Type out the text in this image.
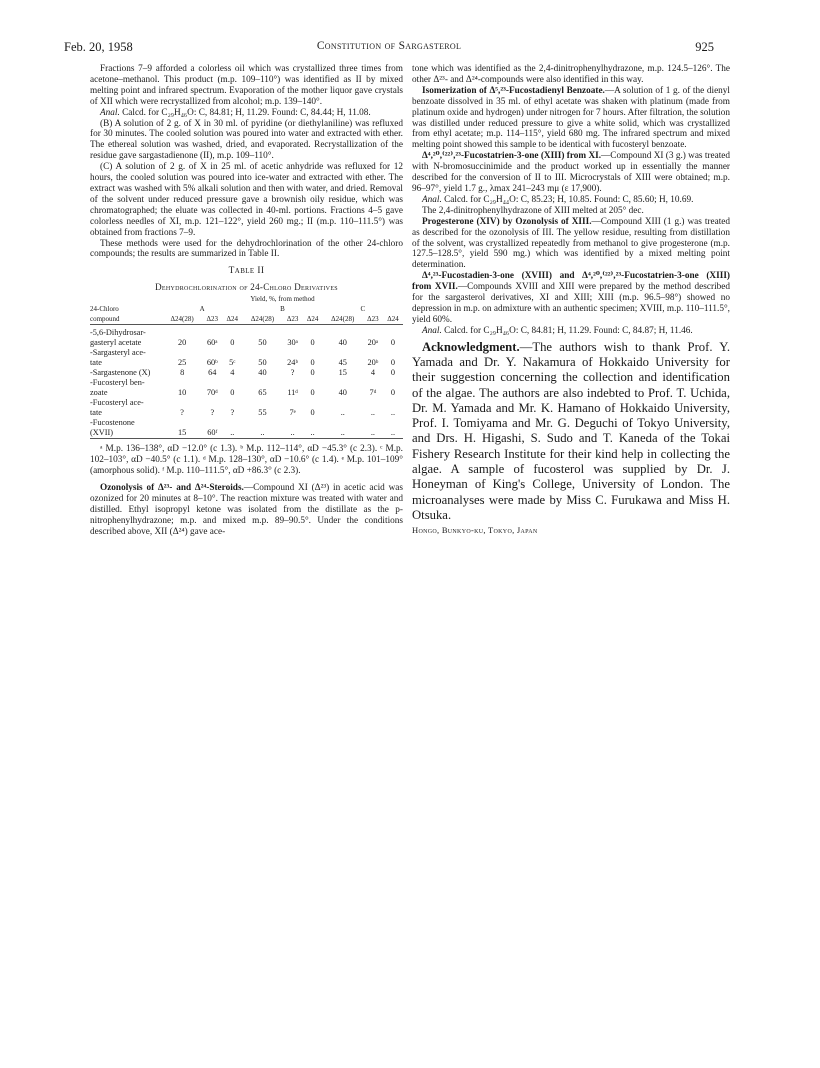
Feb. 20, 1958	Constitution of Sargasterol	925

Fractions 7–9 afforded a colorless oil which was crystallized three times from acetone–methanol. This product (m.p. 109–110°) was identified as II by mixed melting point and infrared spectrum. Evaporation of the mother liquor gave crystals of XII which were recrystallized from alcohol; m.p. 139–140°.

Anal. Calcd. for C₂₉H₄₆O: C, 84.81; H, 11.29. Found: C, 84.44; H, 11.08.

(B) A solution of 2 g. of X in 30 ml. of pyridine (or diethylaniline) was refluxed for 30 minutes. The cooled solution was poured into water and extracted with ether. The ethereal solution was washed, dried, and evaporated. Recrystallization of the residue gave sargastadienone (II), m.p. 109–110°.

(C) A solution of 2 g. of X in 25 ml. of acetic anhydride was refluxed for 12 hours, the cooled solution was poured into ice-water and extracted with ether. The extract was washed with 5% alkali solution and then with water, and dried. Removal of the solvent under reduced pressure gave a brownish oily residue, which was chromatographed; the eluate was collected in 40-ml. portions. Fractions 4–5 gave colorless needles of XI, m.p. 121–122°, yield 260 mg.; II (m.p. 110–111.5°) was obtained from fractions 7–9.

These methods were used for the dehydrochlorination of the other 24-chloro compounds; the results are summarized in Table II.

Table II
Dehydrochlorination of 24-Chloro Derivatives
	Yield, %, from method								
24-Chloro	A			B			C		
compound	Δ24(28)	Δ23	Δ24	Δ24(28)	Δ23	Δ24	Δ24(28)	Δ23	Δ24

-5,6-Dihydrosar-
gasteryl acetate	20	60ᵃ	0	50	30ᵃ	0	40	20ᵃ	0

-Sargasteryl ace-
tate	25	60ᵇ	5ᶜ	50	24ᵇ	0	45	20ᵇ	0

-Sargastenone (X)	8	64	4	40	?	0	15	4	0

-Fucosteryl ben-
zoate	10	70ᵈ	0	65	11ᵈ	0	40	7ᵈ	0

-Fucosteryl ace-
tate	?	?	?	55	7ᵉ	0	..	..	..

-Fucostenone
(XVII)	15	60ᶠ	..	..	..	..	..	..	..

ᵃ M.p. 136–138°, αD −12.0° (c 1.3). ᵇ M.p. 112–114°, αD −45.3° (c 2.3). ᶜ M.p. 102–103°, αD −40.5° (c 1.1). ᵈ M.p. 128–130°, αD −10.6° (c 1.4). ᵉ M.p. 101–109° (amorphous solid). ᶠ M.p. 110–111.5°, αD +86.3° (c 2.3).

Ozonolysis of Δ²³- and Δ²⁴-Steroids.—Compound XI (Δ²³) in acetic acid was ozonized for 20 minutes at 8–10°. The reaction mixture was treated with water and distilled. Ethyl isopropyl ketone was isolated from the distillate as the p-nitrophenylhydrazone; m.p. and mixed m.p. 89–90.5°. Under the conditions described above, XII (Δ²⁴) gave ace-

tone which was identified as the 2,4-dinitrophenylhydrazone, m.p. 124.5–126°. The other Δ²³- and Δ²⁴-compounds were also identified in this way.

Isomerization of Δ⁵,²³-Fucostadienyl Benzoate.—A solution of 1 g. of the dienyl benzoate dissolved in 35 ml. of ethyl acetate was shaken with platinum (made from platinum oxide and hydrogen) under nitrogen for 7 hours. After filtration, the solution was distilled under reduced pressure to give a white solid, which was crystallized from ethyl acetate; m.p. 114–115°, yield 680 mg. The infrared spectrum and mixed melting point showed this sample to be identical with fucosteryl benzoate.

Δ⁴,²⁰,⁽²²⁾,²³-Fucostatrien-3-one (XIII) from XI.—Compound XI (3 g.) was treated with N-bromosuccinimide and the product worked up in essentially the manner described for the conversion of II to III. Microcrystals of XIII were obtained; m.p. 96–97°, yield 1.7 g., λmax 241–243 mμ (ε 17,900).

Anal. Calcd. for C₂₉H₄₄O: C, 85.23; H, 10.85. Found: C, 85.60; H, 10.69.

The 2,4-dinitrophenylhydrazone of XIII melted at 205° dec.

Progesterone (XIV) by Ozonolysis of XIII.—Compound XIII (1 g.) was treated as described for the ozonolysis of III. The yellow residue, resulting from distillation of the solvent, was crystallized repeatedly from methanol to give progesterone (m.p. 127.5–128.5°, yield 590 mg.) which was identified by a mixed melting point determination.

Δ⁴,²³-Fucostadien-3-one (XVIII) and Δ⁴,²⁰,⁽²²⁾,²³-Fucostatrien-3-one (XIII) from XVII.—Compounds XVIII and XIII were prepared by the method described for the sargasterol derivatives, XI and XIII; XIII (m.p. 96.5–98°) showed no depression in m.p. on admixture with an authentic specimen; XVIII, m.p. 110–111.5°, yield 60%.

Anal. Calcd. for C₂₉H₄₆O: C, 84.81; H, 11.29. Found: C, 84.87; H, 11.46.

Acknowledgment.—The authors wish to thank Prof. Y. Yamada and Dr. Y. Nakamura of Hokkaido University for their suggestion concerning the collection and identification of the algae. The authors are also indebted to Prof. T. Uchida, Dr. M. Yamada and Mr. K. Hamano of Hokkaido University, Prof. I. Tomiyama and Mr. G. Deguchi of Tokyo University, and Drs. H. Higashi, S. Sudo and T. Kaneda of the Tokai Fishery Research Institute for their kind help in collecting the algae. A sample of fucosterol was supplied by Dr. J. Honeyman of King's College, University of London. The microanalyses were made by Miss C. Furukawa and Miss H. Otsuka.

Hongo, Bunkyo-ku, Tokyo, Japan
